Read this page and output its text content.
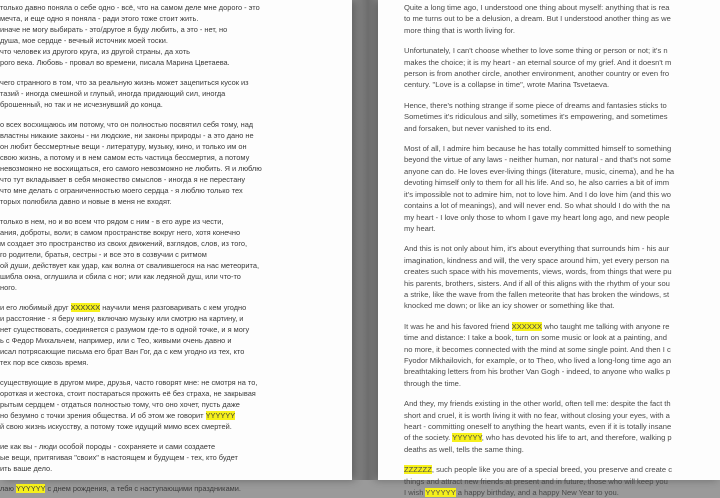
только давно поняла о себе одно - всё, что на самом деле мне дорого - это
мечта, и еще одно я поняла - ради этого тоже стоит жить.
иначе не могу выбирать - это/другое я буду любить, а это - нет, но
душа, мое сердце - вечный источник моей тоски.
что человек из другого круга, из другой страны, да хоть
рого века. Любовь - провал во времени, писала Марина Цветаева.
чего странного в том, что за реальную жизнь может зацепиться кусок из
тазий - иногда смешной и глупый, иногда придающий сил, иногда
брошенный, но так и не исчезнувший до конца.
о всех восхищаюсь им потому, что он полностью посвятил себя тому, над
властны никакие законы - ни людские, ни законы природы - а это дано не
он любит бессмертные вещи - литературу, музыку, кино, и только им он
свою жизнь, а потому и в нем самом есть частица бессмертия, а потому
невозможно не восхищаться, его самого невозможно не любить. Я и люблю
что тут вкладывает в себя множество смыслов - иногда я не перестану
что мне делать с ограниченностью моего сердца - я люблю только тех
торых полюбила давно и новые в меня не входят.
только в нем, но и во всем что рядом с ним - в его ауре из чести,
ания, доброты, воли; в самом пространстве вокруг него, хотя конечно
м создает это пространство из своих движений, взглядов, слов, из того,
го родители, братья, сестры - и все это в созвучии с ритмом
ой души, действует как удар, как волна от свалившегося на нас метеорита,
шибла окна, оглушила и сбила с ног; или как ледяной душ, или что-то
ного.
и его любимый друг XXXXXX научили меня разговаривать с кем угодно
и расстояние - я беру книгу, включаю музыку или смотрю на картину, и
нет существовать, соединяется с разумом где-то в одной точке, и я могу
ь с Федор Михальчем, например, или с Тео, живыми очень давно и
исал потрясающие письма его брат Ван Гог, да с кем угодно из тех, кто
тех пор все сквозь время.
существующие в другом мире, друзья, часто говорят мне: не смотря на то,
ороткая и жестока, стоит постараться прожить её без страха, не закрывая
рытым сердцем - отдаться полностью тому, что оно хочет, пусть даже
но безумно с точки зрения общества. И об этом же говорит YYYYYY
й свою жизнь искусству, а потому тоже идущий мимо всех смертей.
ие как вы - люди особой породы - сохраняете и сами создаете
ые вещи, притягивая "своих" в настоящем и будущем - тех, кто будет
ить ваше дело.
лаю YYYYYY с днем рождения, а тебя с наступающими праздниками.
Quite a long time ago, I understood one thing about myself: anything that is rea
to me turns out to be a delusion, a dream. But I understood another thing as we
more thing that is worth living for.
Unfortunately, I can't choose whether to love some thing or person or not; it's n
makes the choice; it is my heart - an eternal source of my grief. And it doesn't m
person is from another circle, another environment, another country or even fro
century. "Love is a collapse in time", wrote Marina Tsvetaeva.
Hence, there's nothing strange if some piece of dreams and fantasies sticks to
Sometimes it's ridiculous and silly, sometimes it's empowering, and sometimes
and forsaken, but never vanished to its end.
Most of all, I admire him because he has totally committed himself to something
beyond the virtue of any laws - neither human, nor natural - and that's not some
anyone can do. He loves ever-living things (literature, music, cinema), and he ha
devoting himself only to them for all his life. And so, he also carries a bit of imm
it's impossible not to admire him, not to love him. And I do love him (and this wo
contains a lot of meanings), and will never end. So what should I do with the na
my heart - I love only those to whom I gave my heart long ago, and new people
my heart.
And this is not only about him, it's about everything that surrounds him - his aur
imagination, kindness and will, the very space around him, yet every person na
creates such space with his movements, views, words, from things that were pu
his parents, brothers, sisters. And if all of this aligns with the rhythm of your sou
a strike, like the wave from the fallen meteorite that has broken the windows, st
knocked me down; or like an icy shower or something like that.
It was he and his favored friend XXXXXX who taught me talking with anyone re
time and distance: I take a book, turn on some music or look at a painting, and
no more, it becomes connected with the mind at some single point. And then I c
Fyodor Mikhailovich, for example, or to Theo, who lived a long-long time ago an
breathtaking letters from his brother Van Gogh - indeed, to anyone who walks p
through the time.
And they, my friends existing in the other world, often tell me: despite the fact th
short and cruel, it is worth living it with no fear, without closing your eyes, with a
heart - committing oneself to anything the heart wants, even if it is totally insane
of the society. YYYYYY, who has devoted his life to art, and therefore, walking p
deaths as well, tells the same thing.
ZZZZZZ, such people like you are of a special breed, you preserve and create c
things and attract new friends at present and in future, those who will keep you
I wish YYYYYY a happy birthday, and a happy New Year to you.
